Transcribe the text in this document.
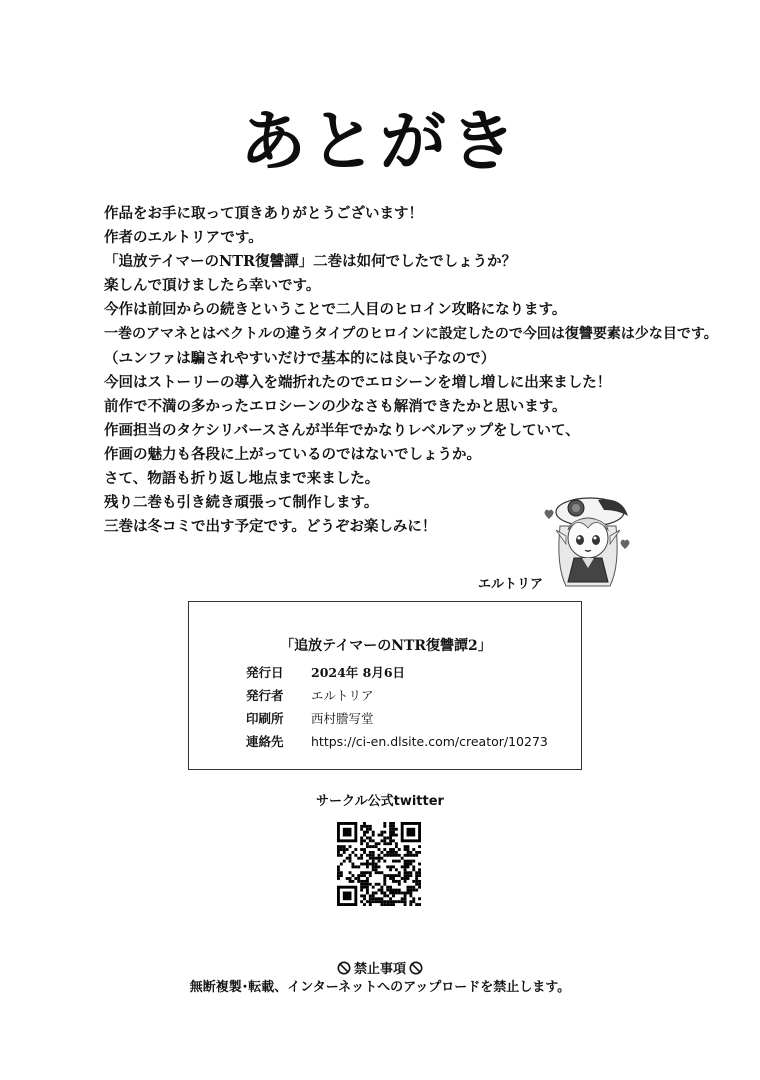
あとがき
作品をお手に取って頂きありがとうございます！
作者のエルトリアです。
「追放テイマーのNTR復讐譚」二巻は如何でしたでしょうか？
楽しんで頂けましたら幸いです。
今作は前回からの続きということで二人目のヒロイン攻略になります。
一巻のアマネとはベクトルの違うタイプのヒロインに設定したので今回は復讐要素は少な目です。
（ユンファは騙されやすいだけで基本的には良い子なので）
今回はストーリーの導入を端折れたのでエロシーンを増し増しに出来ました！
前作で不満の多かったエロシーンの少なさも解消できたかと思います。
作画担当のタケシリバースさんが半年でかなりレベルアップをしていて、
作画の魅力も各段に上がっているのではないでしょうか。
さて、物語も折り返し地点まで来ました。
残り二巻も引き続き頑張って制作します。
三巻は冬コミで出す予定です。どうぞお楽しみに！
エルトリア
「追放テイマーのNTR復讐譚2」
発行日 2024年 8月6日
発行者 エルトリア
印刷所 西村謄写堂
連絡先 https://ci-en.dlsite.com/creator/10273
サークル公式twitter
禁止事項
無断複製･転載、インターネットへのアップロードを禁止します。
